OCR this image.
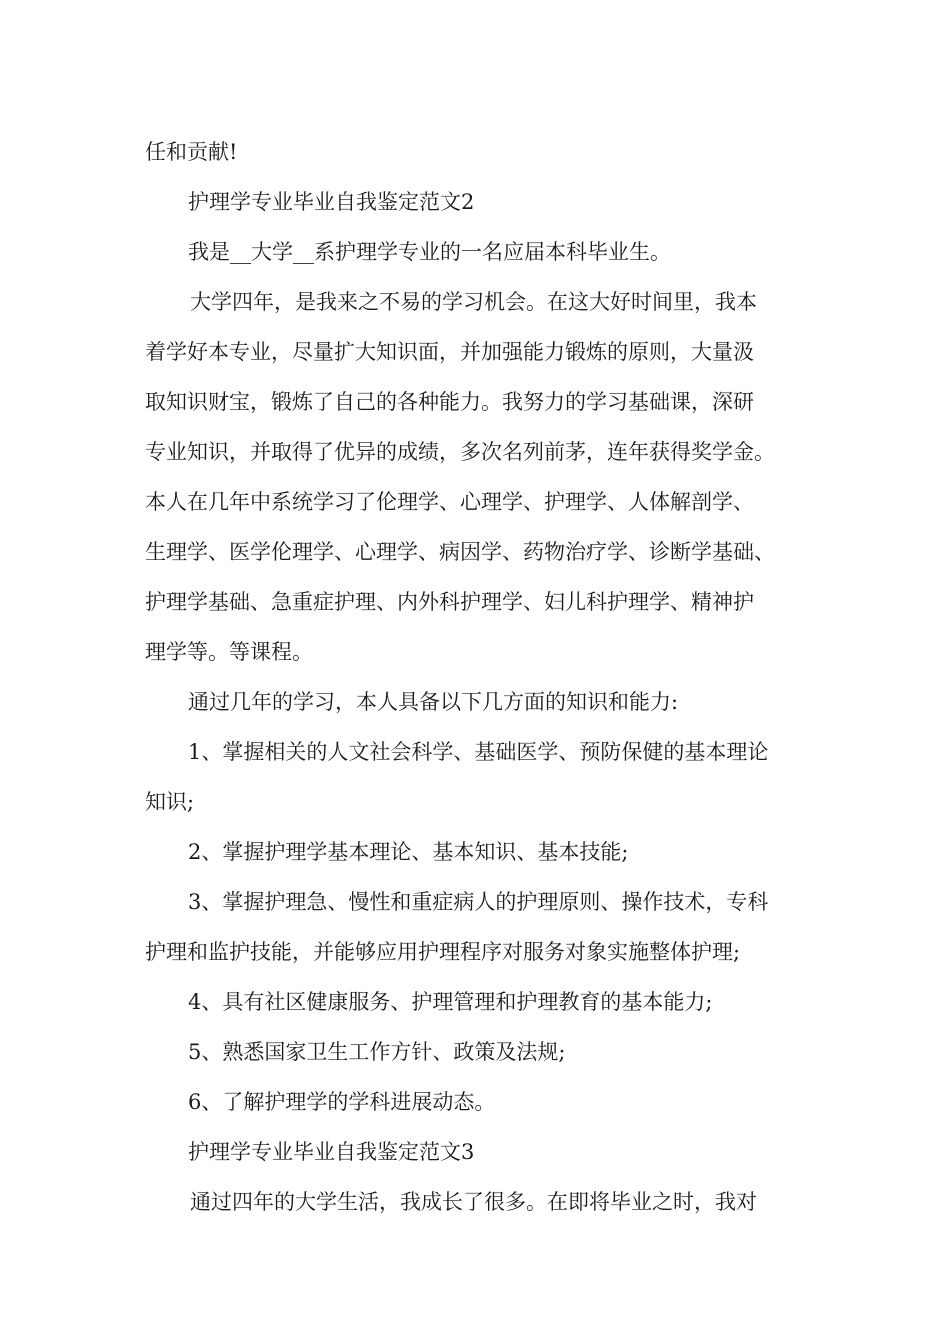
任和贡献!
护理学专业毕业自我鉴定范文2
我是__大学__系护理学专业的一名应届本科毕业生。
大学四年，是我来之不易的学习机会。在这大好时间里，我本
着学好本专业，尽量扩大知识面，并加强能力锻炼的原则，大量汲
取知识财宝，锻炼了自己的各种能力。我努力的学习基础课，深研
专业知识，并取得了优异的成绩，多次名列前茅，连年获得奖学金。
本人在几年中系统学习了伦理学、心理学、护理学、人体解剖学、
生理学、医学伦理学、心理学、病因学、药物治疗学、诊断学基础、
护理学基础、急重症护理、内外科护理学、妇儿科护理学、精神护
理学等。等课程。
通过几年的学习，本人具备以下几方面的知识和能力:
1、掌握相关的人文社会科学、基础医学、预防保健的基本理论
知识;
2、掌握护理学基本理论、基本知识、基本技能;
3、掌握护理急、慢性和重症病人的护理原则、操作技术，专科
护理和监护技能，并能够应用护理程序对服务对象实施整体护理;
4、具有社区健康服务、护理管理和护理教育的基本能力;
5、熟悉国家卫生工作方针、政策及法规;
6、了解护理学的学科进展动态。
护理学专业毕业自我鉴定范文3
通过四年的大学生活，我成长了很多。在即将毕业之时，我对
